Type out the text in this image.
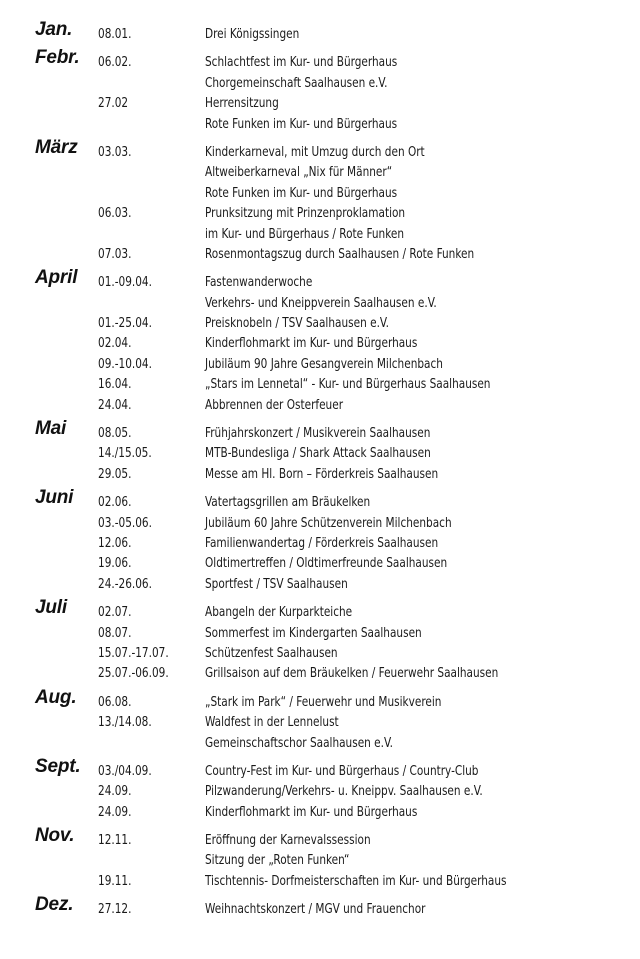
Jan. 08.01.	Drei Königssingen
Febr. 06.02.	Schlachtfest im Kur- und Bürgerhaus
Chorgemeinschaft Saalhausen e.V.
27.02	Herrensitzung
Rote Funken im Kur- und Bürgerhaus
März 03.03.	Kinderkarneval, mit Umzug durch den Ort
Altweiberkarneval „Nix für Männer“
Rote Funken im Kur- und Bürgerhaus
06.03.	Prunksitzung mit Prinzenproklamation
im Kur- und Bürgerhaus / Rote Funken
07.03.	Rosenmontagszug durch Saalhausen / Rote Funken
April 01.-09.04.	Fastenwanderwoche
Verkehrs- und Kneippverein Saalhausen e.V.
01.-25.04.	Preisknobeln / TSV Saalhausen e.V.
02.04.	Kinderflohmarkt im Kur- und Bürgerhaus
09.-10.04.	Jubiläum 90 Jahre Gesangverein Milchenbach
16.04.	„Stars im Lennetal“ - Kur- und Bürgerhaus Saalhausen
24.04.	Abbrennen der Osterfeuer
Mai 08.05.	Frühjahrskonzert / Musikverein Saalhausen
14./15.05.	MTB-Bundesliga / Shark Attack Saalhausen
29.05.	Messe am Hl. Born – Förderkreis Saalhausen
Juni 02.06.	Vatertagsgrillen am Bräukelken
03.-05.06.	Jubiläum 60 Jahre Schützenverein Milchenbach
12.06.	Familienwandertag / Förderkreis Saalhausen
19.06.	Oldtimertreffen / Oldtimerfreunde Saalhausen
24.-26.06.	Sportfest / TSV Saalhausen
Juli 02.07.	Abangeln der Kurparkteiche
08.07.	Sommerfest im Kindergarten Saalhausen
15.07.-17.07.	Schützenfest Saalhausen
25.07.-06.09.	Grillsaison auf dem Bräukelken / Feuerwehr Saalhausen
Aug. 06.08.	„Stark im Park“ / Feuerwehr und Musikverein
13./14.08.	Waldfest in der Lennelust
Gemeinschaftschor Saalhausen e.V.
Sept. 03./04.09.	Country-Fest im Kur- und Bürgerhaus / Country-Club
24.09.	Pilzwanderung/Verkehrs- u. Kneippv. Saalhausen e.V.
24.09.	Kinderflohmarkt im Kur- und Bürgerhaus
Nov. 12.11.	Eröffnung der Karnevalssession
Sitzung der „Roten Funken“
19.11.	Tischtennis- Dorfmeisterschaften im Kur- und Bürgerhaus
Dez. 27.12.	Weihnachtskonzert / MGV und Frauenchor
